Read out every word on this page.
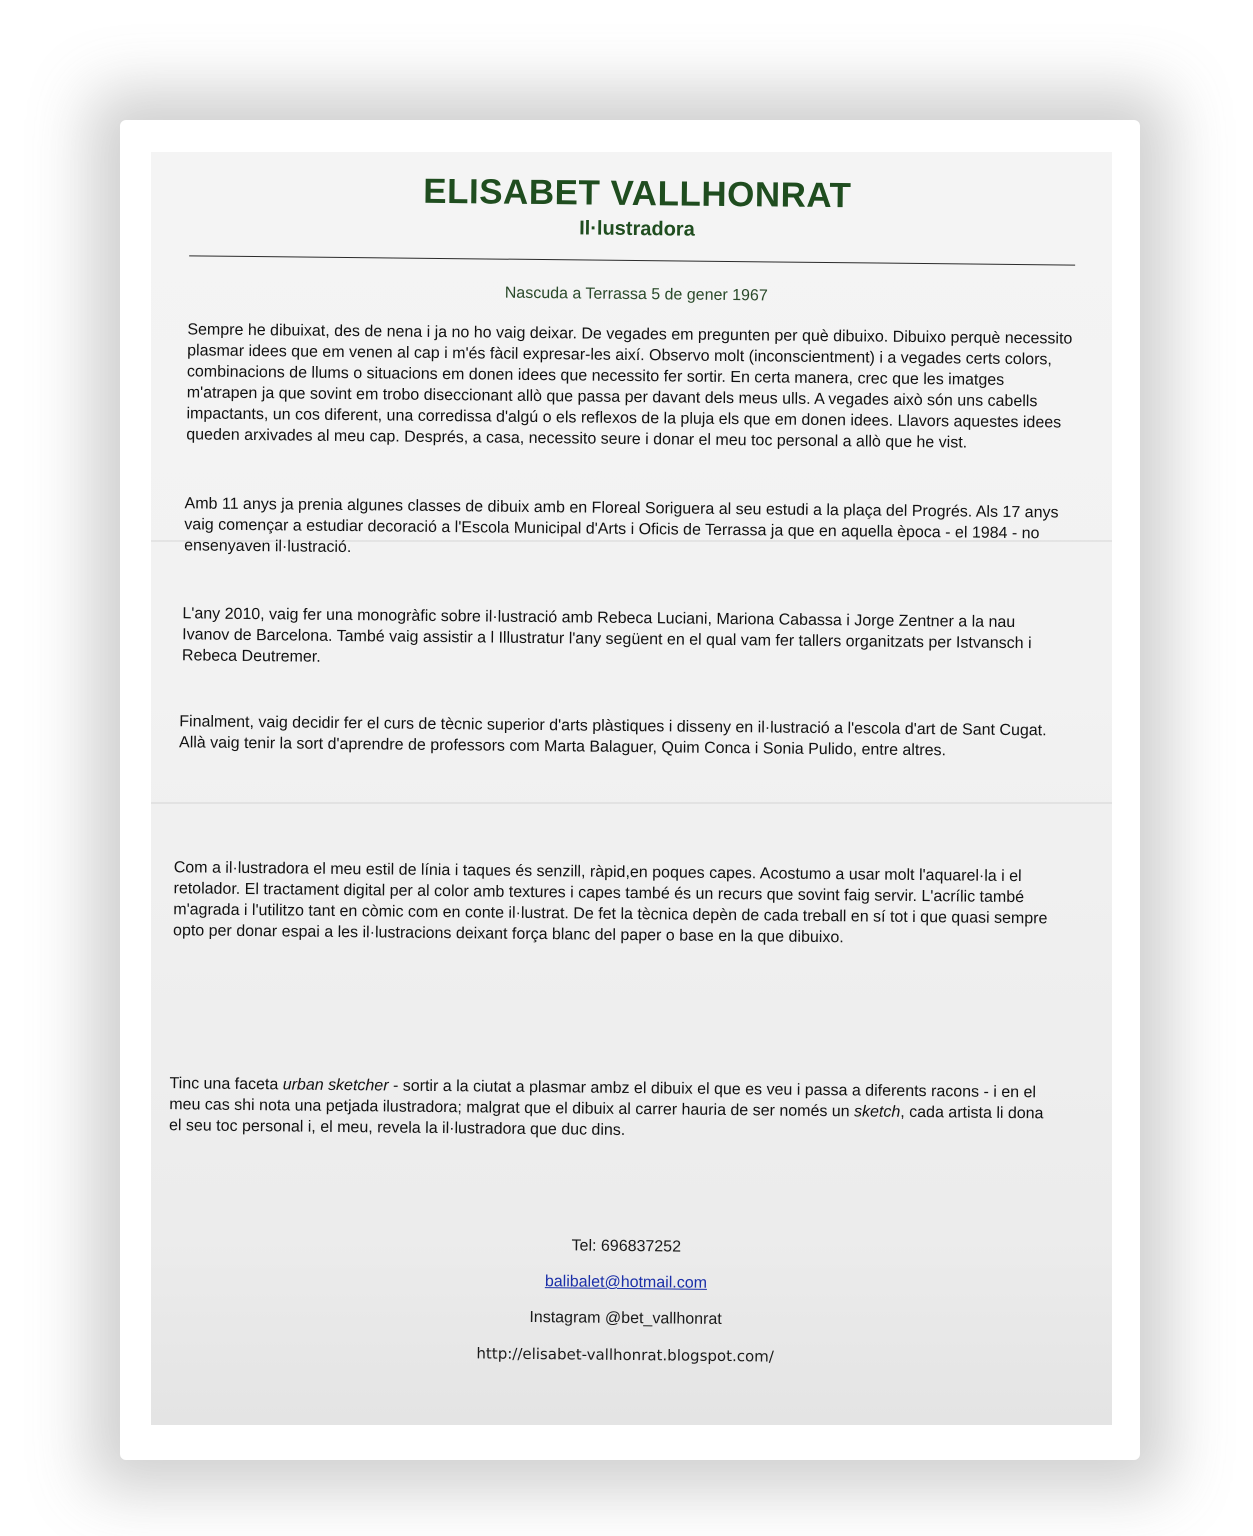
ELISABET VALLHONRAT
Il·lustradora

Nascuda a Terrassa 5 de gener 1967

Sempre he dibuixat, des de nena i ja no ho vaig deixar. De vegades em pregunten per què dibuixo. Dibuixo perquè necessito plasmar idees que em venen al cap i m'és fàcil expresar-les així. Observo molt (inconscientment) i a vegades certs colors, combinacions de llums o situacions em donen idees que necessito fer sortir. En certa manera, crec que les imatges m'atrapen ja que sovint em trobo diseccionant allò que passa per davant dels meus ulls. A vegades això són uns cabells impactants, un cos diferent, una corredissa d'algú o els reflexos de la pluja els que em donen idees. Llavors aquestes idees queden arxivades al meu cap. Després, a casa, necessito seure i donar el meu toc personal a allò que he vist.

Amb 11 anys ja prenia algunes classes de dibuix amb en Floreal Soriguera al seu estudi a la plaça del Progrés. Als 17 anys vaig començar a estudiar decoració a l'Escola Municipal d'Arts i Oficis de Terrassa ja que en aquella època - el 1984 - no ensenyaven il·lustració.

L'any 2010, vaig fer una monogràfic sobre il·lustració amb Rebeca Luciani, Mariona Cabassa i Jorge Zentner a la nau Ivanov de Barcelona. També vaig assistir a l Illustratur l'any següent en el qual vam fer tallers organitzats per Istvansch i Rebeca Deutremer.

Finalment, vaig decidir fer el curs de tècnic superior d'arts plàstiques i disseny en il·lustració a l'escola d'art de Sant Cugat. Allà vaig tenir la sort d'aprendre de professors com Marta Balaguer, Quim Conca i Sonia Pulido, entre altres.

Com a il·lustradora el meu estil de línia i taques és senzill, ràpid,en poques capes. Acostumo a usar molt l'aquarel·la i el retolador. El tractament digital per al color amb textures i capes també és un recurs que sovint faig servir. L'acrílic també m'agrada i l'utilitzo tant en còmic com en conte il·lustrat. De fet la tècnica depèn de cada treball en sí tot i que quasi sempre opto per donar espai a les il·lustracions deixant força blanc del paper o base en la que dibuixo.

Tinc una faceta urban sketcher - sortir a la ciutat a plasmar ambz el dibuix el que es veu i passa a diferents racons - i en el meu cas shi nota una petjada ilustradora; malgrat que el dibuix al carrer hauria de ser només un sketch, cada artista li dona el seu toc personal i, el meu, revela la il·lustradora que duc dins.

Tel: 696837252

balibalet@hotmail.com

Instagram @bet_vallhonrat

http://elisabet-vallhonrat.blogspot.com/
